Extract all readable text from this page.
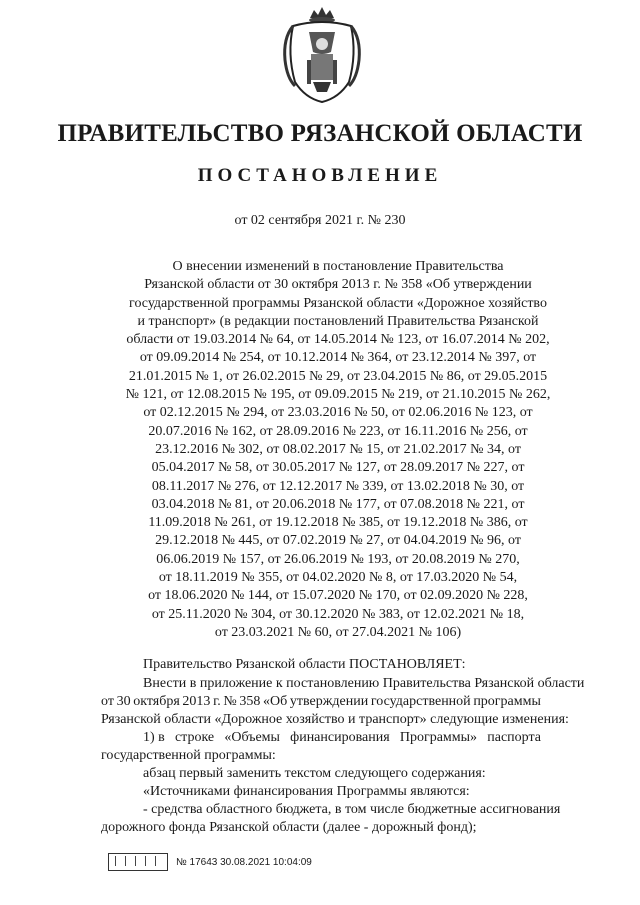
ПРАВИТЕЛЬСТВО РЯЗАНСКОЙ ОБЛАСТИ
ПОСТАНОВЛЕНИЕ
от 02 сентября 2021 г. № 230
О внесении изменений в постановление Правительства
Рязанской области от 30 октября 2013 г. № 358 «Об утверждении
государственной программы Рязанской области «Дорожное хозяйство
и транспорт» (в редакции постановлений Правительства Рязанской
области от 19.03.2014 № 64, от 14.05.2014 № 123, от 16.07.2014 № 202,
от 09.09.2014 № 254, от 10.12.2014 № 364, от 23.12.2014 № 397, от
21.01.2015 № 1, от 26.02.2015 № 29, от 23.04.2015 № 86, от 29.05.2015
№ 121, от 12.08.2015 № 195, от 09.09.2015 № 219, от 21.10.2015 № 262,
от 02.12.2015 № 294, от 23.03.2016 № 50, от 02.06.2016 № 123, от
20.07.2016 № 162, от 28.09.2016 № 223, от 16.11.2016 № 256, от
23.12.2016 № 302, от 08.02.2017 № 15, от 21.02.2017 № 34, от
05.04.2017 № 58, от 30.05.2017 № 127, от 28.09.2017 № 227, от
08.11.2017 № 276, от 12.12.2017 № 339, от 13.02.2018 № 30, от
03.04.2018 № 81, от 20.06.2018 № 177, от 07.08.2018 № 221, от
11.09.2018 № 261, от 19.12.2018 № 385, от 19.12.2018 № 386, от
29.12.2018 № 445, от 07.02.2019 № 27, от 04.04.2019 № 96, от
06.06.2019 № 157, от 26.06.2019 № 193, от 20.08.2019 № 270,
от 18.11.2019 № 355, от 04.02.2020 № 8, от 17.03.2020 № 54,
от 18.06.2020 № 144, от 15.07.2020 № 170, от 02.09.2020 № 228,
от 25.11.2020 № 304, от 30.12.2020 № 383, от 12.02.2021 № 18,
от 23.03.2021 № 60, от 27.04.2021 № 106)
Правительство Рязанской области ПОСТАНОВЛЯЕТ:
Внести в приложение к постановлению Правительства Рязанской области
от 30 октября 2013 г. № 358 «Об утверждении государственной программы
Рязанской области «Дорожное хозяйство и транспорт» следующие изменения:
1) в строке «Объемы финансирования Программы» паспорта
государственной программы:
абзац первый заменить текстом следующего содержания:
«Источниками финансирования Программы являются:
- средства областного бюджета, в том числе бюджетные ассигнования
дорожного фонда Рязанской области (далее - дорожный фонд);
№ 17643 30.08.2021 10:04:09
